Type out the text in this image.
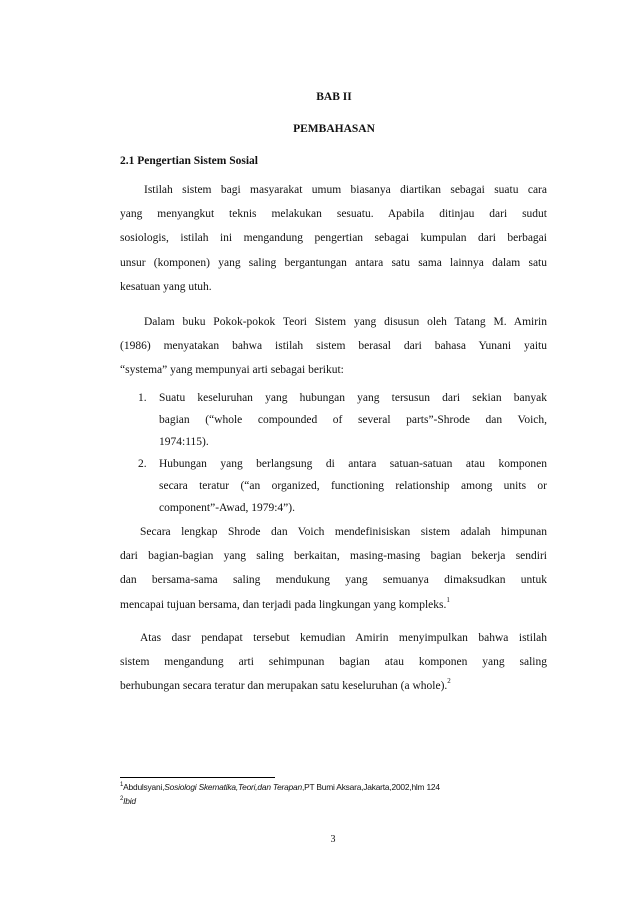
BAB II
PEMBAHASAN
2.1 Pengertian Sistem Sosial
Istilah sistem bagi masyarakat umum biasanya diartikan sebagai suatu cara
yang menyangkut teknis melakukan sesuatu. Apabila ditinjau dari sudut
sosiologis, istilah ini mengandung pengertian sebagai kumpulan dari berbagai
unsur (komponen) yang saling bergantungan antara satu sama lainnya dalam satu
kesatuan yang utuh.
Dalam buku Pokok-pokok Teori Sistem yang disusun oleh Tatang M. Amirin
(1986) menyatakan bahwa istilah sistem berasal dari bahasa Yunani yaitu
“systema” yang mempunyai arti sebagai berikut:
1. Suatu keseluruhan yang hubungan yang tersusun dari sekian banyak
bagian (“whole compounded of several parts”-Shrode dan Voich,
1974:115).
2. Hubungan yang berlangsung di antara satuan-satuan atau komponen
secara teratur (“an organized, functioning relationship among units or
component”-Awad, 1979:4”).
Secara lengkap Shrode dan Voich mendefinisiskan sistem adalah himpunan
dari bagian-bagian yang saling berkaitan, masing-masing bagian bekerja sendiri
dan bersama-sama saling mendukung yang semuanya dimaksudkan untuk
mencapai tujuan bersama, dan terjadi pada lingkungan yang kompleks.$^1$
Atas dasr pendapat tersebut kemudian Amirin menyimpulkan bahwa istilah
sistem mengandung arti sehimpunan bagian atau komponen yang saling
berhubungan secara teratur dan merupakan satu keseluruhan (a whole).$^2$
$^1$Abdulsyani,Sosiologi Skematika,Teori,dan Terapan,PT Bumi Aksara,Jakarta,2002,hlm 124
$^2$Ibid
3
